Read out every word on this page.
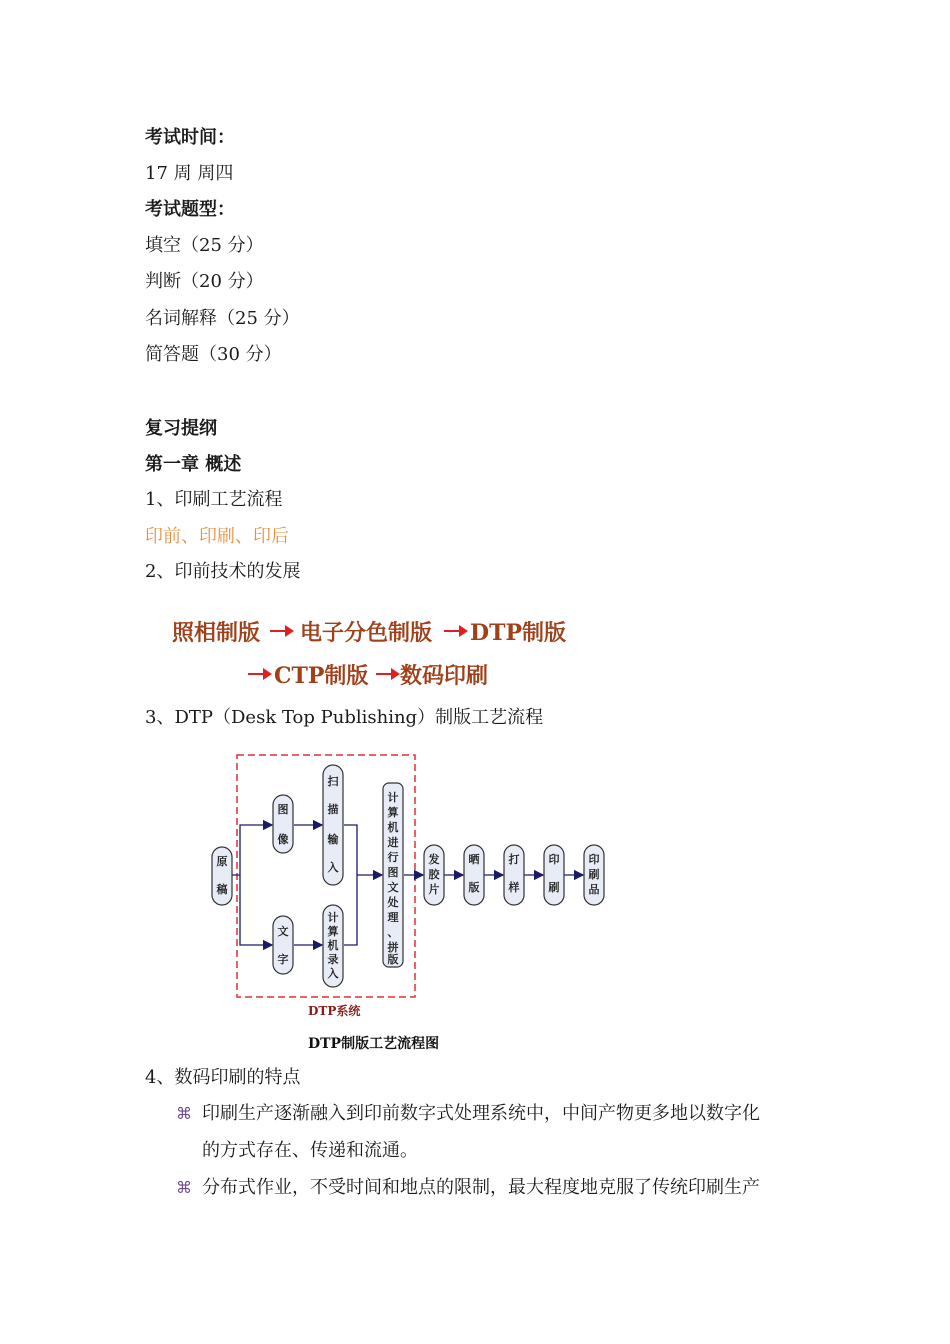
考试时间：
17 周 周四
考试题型：
填空（25 分）
判断（20 分）
名词解释（25 分）
简答题（30 分）
复习提纲
第一章 概述
1、印刷工艺流程
印前、印刷、印后
2、印前技术的发展
照相制版 电子分色制版 DTP制版
CTP制版 数码印刷
3、DTP（Desk Top Publishing）制版工艺流程
原
稿
图
像
扫
描
输
入
文
字
计
算
机
录
入
计
算
机
进
行
图
文
处
理
、
拼
版
发
胶
片
晒
版
打
样
印
刷
印
刷
品
DTP系统
DTP制版工艺流程图
4、数码印刷的特点
⌘ 印刷生产逐渐融入到印前数字式处理系统中，中间产物更多地以数字化
的方式存在、传递和流通。
⌘ 分布式作业，不受时间和地点的限制，最大程度地克服了传统印刷生产
